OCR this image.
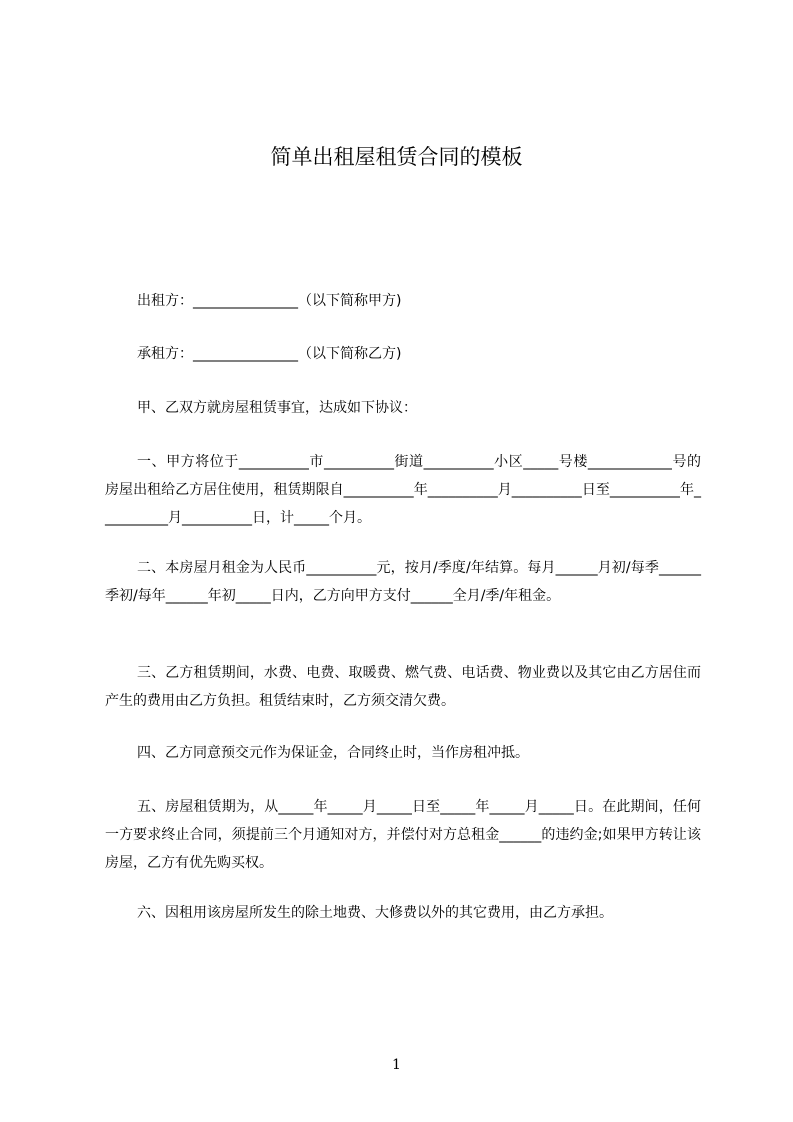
简单出租屋租赁合同的模板

出租方：_______________（以下简称甲方)

承租方：_______________（以下简称乙方)

甲、乙双方就房屋租赁事宜，达成如下协议：

一、甲方将位于__________市__________街道__________小区_____号楼____________号的房屋出租给乙方居住使用，租赁期限自__________年__________月__________日至__________年__________月__________日，计_____个月。

二、本房屋月租金为人民币__________元，按月/季度/年结算。每月______月初/每季______季初/每年______年初_____日内，乙方向甲方支付______全月/季/年租金。

三、乙方租赁期间，水费、电费、取暖费、燃气费、电话费、物业费以及其它由乙方居住而产生的费用由乙方负担。租赁结束时，乙方须交清欠费。

四、乙方同意预交元作为保证金，合同终止时，当作房租冲抵。

五、房屋租赁期为，从_____年_____月_____日至_____年_____月_____日。在此期间，任何一方要求终止合同，须提前三个月通知对方，并偿付对方总租金______的违约金;如果甲方转让该房屋，乙方有优先购买权。

六、因租用该房屋所发生的除土地费、大修费以外的其它费用，由乙方承担。

1
